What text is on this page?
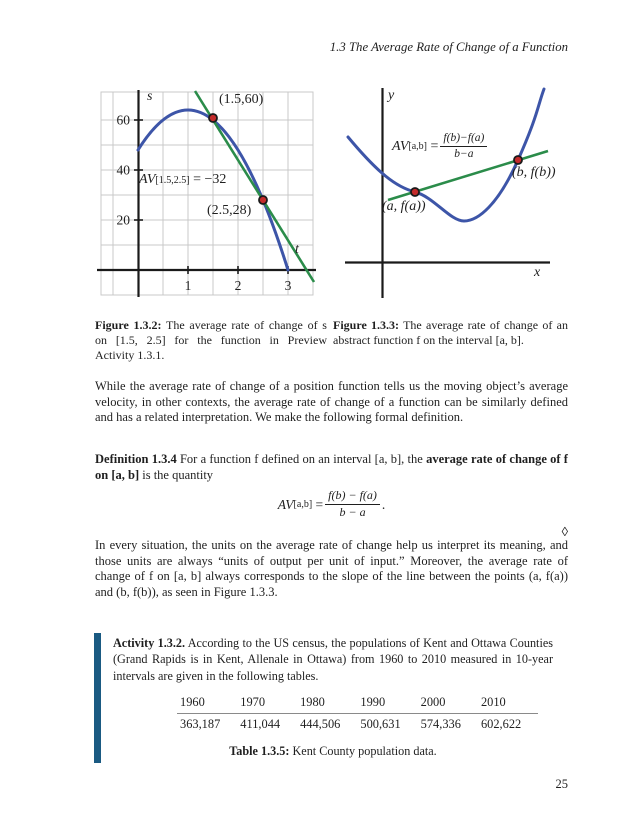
1.3 The Average Rate of Change of a Function
60
40
20
1	2	3
s
t
(1.5,60)
(2.5,28)
AV [1.5,2.5]
= −32
y
x
AV [a,b]
= $\frac{f(b)-f(a)}{b-a}$
(a, f(a))
(b, f(b))
Figure 1.3.2: The average rate of change of s on [1.5, 2.5] for the function in Preview Activity 1.3.1.
Figure 1.3.3: The average rate of change of an abstract function f on the interval [a, b].
While the average rate of change of a position function tells us the moving object’s average velocity, in other contexts, the average rate of change of a function can be similarly defined and has a related interpretation. We make the following formal definition.
Definition 1.3.4 For a function f defined on an interval [a, b], the average rate of change of f on [a, b] is the quantity
AV [a,b]
= $\frac{f(b) - f(a)}{b - a}$ .
◊
In every situation, the units on the average rate of change help us interpret its meaning, and those units are always “units of output per unit of input.” Moreover, the average rate of change of f on [a, b] always corresponds to the slope of the line between the points (a, f(a)) and (b, f(b)), as seen in Figure 1.3.3.
Activity 1.3.2. According to the US census, the populations of Kent and Ottawa Counties (Grand Rapids is in Kent, Allenale in Ottawa) from 1960 to 2010 measured in 10-year intervals are given in the following tables.
1960	1970	1980	1990	2000	2010
363,187	411,044	444,506	500,631	574,336	602,622
Table 1.3.5: Kent County population data.
25
